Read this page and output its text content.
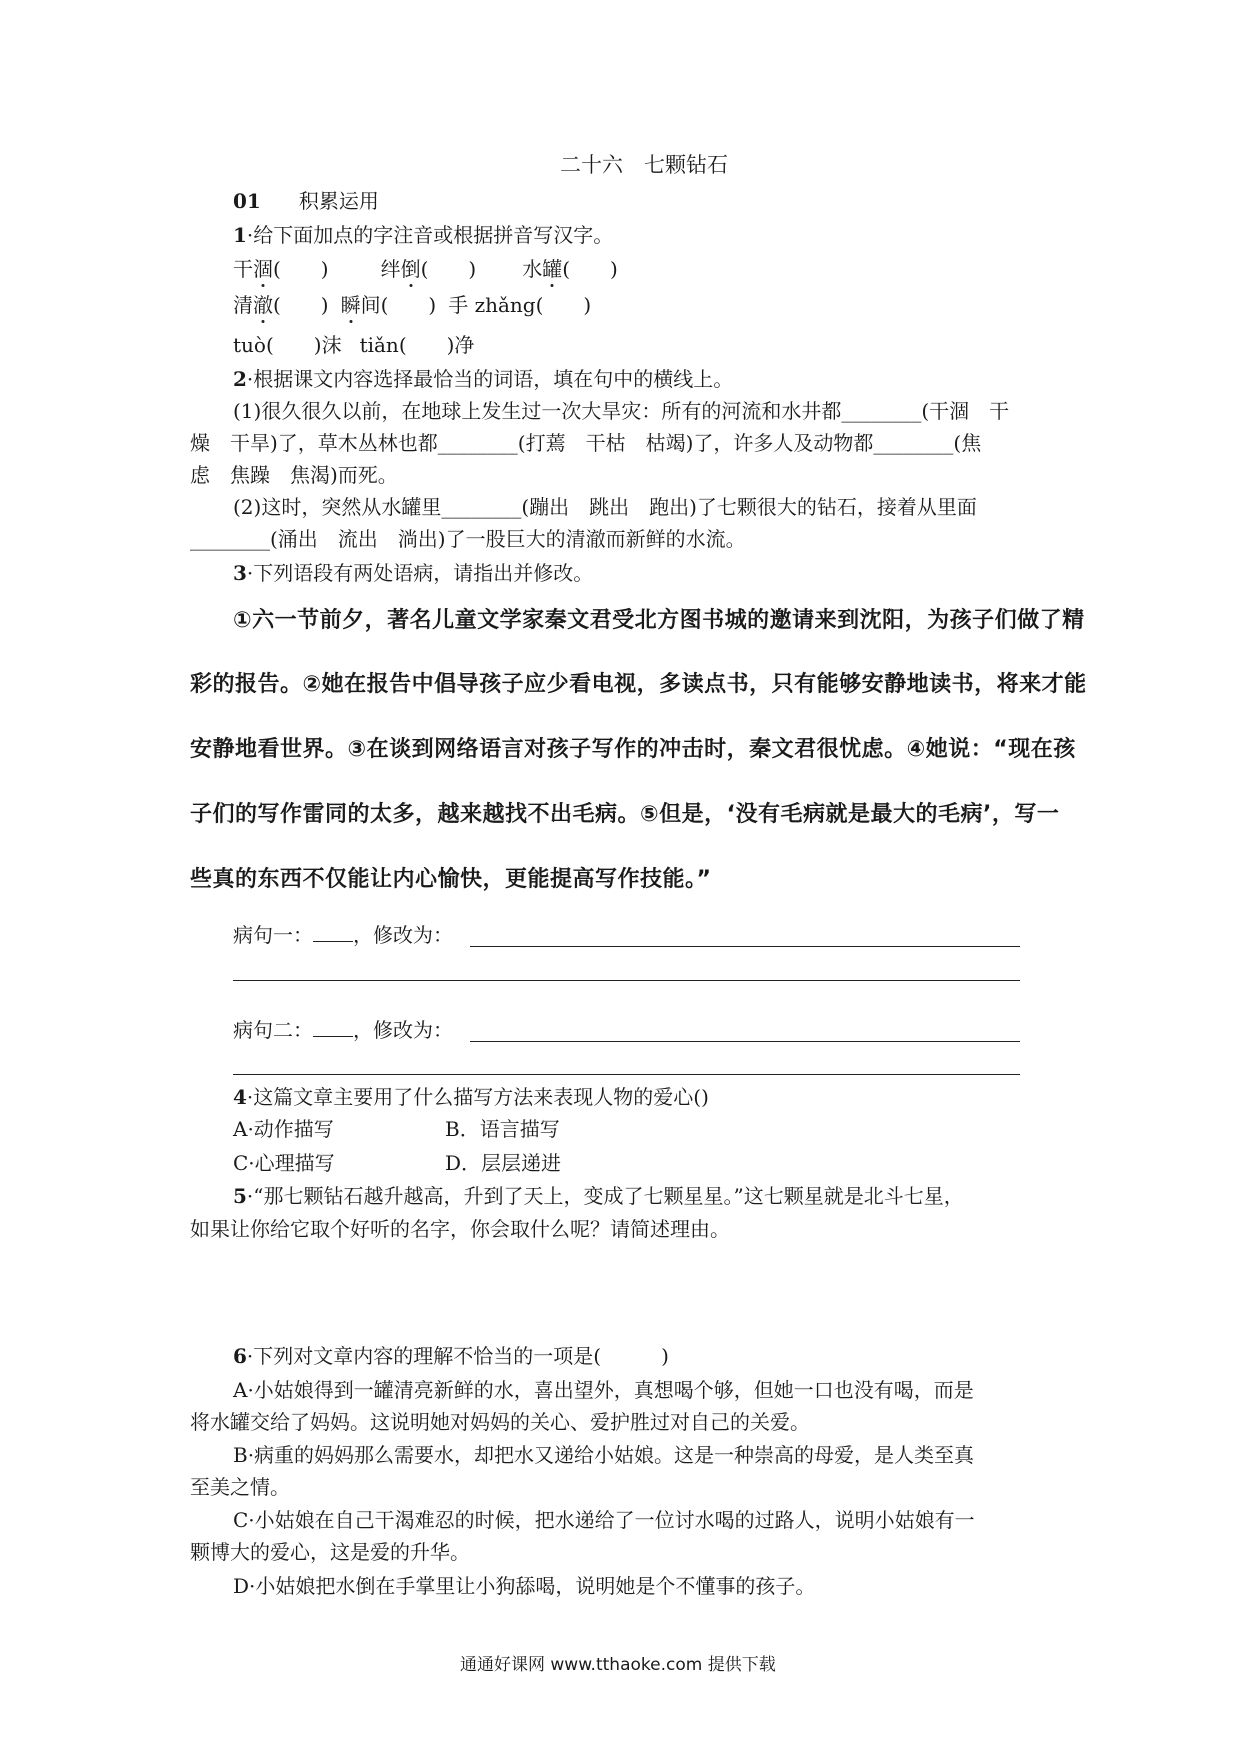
二十六　七颗钻石
01 积累运用
1·给下面加点的字注音或根据拼音写汉字。
干涸(　　)	绊倒(　　) 水罐(　　)
清澈(　　) 瞬间(　　) 手 zhǎng(　　)
tuò(　　)沫 tiǎn(　　)净
2·根据课文内容选择最恰当的词语，填在句中的横线上。
(1)很久很久以前，在地球上发生过一次大旱灾：所有的河流和水井都________(干涸　干
燥　干旱)了，草木丛林也都________(打蔫　干枯　枯竭)了，许多人及动物都________(焦
虑　焦躁　焦渴)而死。
(2)这时，突然从水罐里________(蹦出　跳出　跑出)了七颗很大的钻石，接着从里面
________(涌出　流出　淌出)了一股巨大的清澈而新鲜的水流。
3·下列语段有两处语病，请指出并修改。
①六一节前夕，著名儿童文学家秦文君受北方图书城的邀请来到沈阳，为孩子们做了精
彩的报告。②她在报告中倡导孩子应少看电视，多读点书，只有能够安静地读书，将来才能
安静地看世界。③在谈到网络语言对孩子写作的冲击时，秦文君很忧虑。④她说：“现在孩
子们的写作雷同的太多，越来越找不出毛病。⑤但是，‘没有毛病就是最大的毛病’，写一
些真的东西不仅能让内心愉快，更能提高写作技能。”
病句一： ，修改为：
病句二： ，修改为：
4·这篇文章主要用了什么描写方法来表现人物的爱心()
A·动作描写	B．语言描写
C·心理描写	D．层层递进
5·“那七颗钻石越升越高，升到了天上，变成了七颗星星。”这七颗星就是北斗七星，
如果让你给它取个好听的名字，你会取什么呢？请简述理由。
6·下列对文章内容的理解不恰当的一项是(　　　)
A·小姑娘得到一罐清亮新鲜的水，喜出望外，真想喝个够，但她一口也没有喝，而是
将水罐交给了妈妈。这说明她对妈妈的关心、爱护胜过对自己的关爱。
B·病重的妈妈那么需要水，却把水又递给小姑娘。这是一种崇高的母爱，是人类至真
至美之情。
C·小姑娘在自己干渴难忍的时候，把水递给了一位讨水喝的过路人，说明小姑娘有一
颗博大的爱心，这是爱的升华。
D·小姑娘把水倒在手掌里让小狗舔喝，说明她是个不懂事的孩子。
通通好课网 www.tthaoke.com 提供下载
